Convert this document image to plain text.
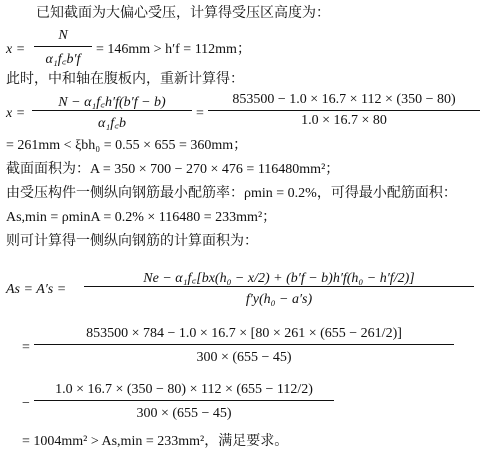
已知截面为大偏心受压，计算得受压区高度为：
x =
N
α₁f꜀b′f
= 146mm > h′f = 112mm；
此时，中和轴在腹板内，重新计算得：
x =
N − α₁f꜀h′f(b′f − b)
α₁f꜀b
=
853500 − 1.0 × 16.7 × 112 × (350 − 80)
1.0 × 16.7 × 80
= 261mm < ξbh₀ = 0.55 × 655 = 360mm；
截面面积为：A = 350 × 700 − 270 × 476 = 116480mm²；
由受压构件一侧纵向钢筋最小配筋率：ρmin = 0.2%，可得最小配筋面积：
As,min = ρminA = 0.2% × 116480 = 233mm²；
则可计算得一侧纵向钢筋的计算面积为：
As = A′s =
Ne − α₁f꜀[bx(h₀ − x/2) + (b′f − b)h′f(h₀ − h′f/2)]
f′y(h₀ − a′s)
=
853500 × 784 − 1.0 × 16.7 × [80 × 261 × (655 − 261/2)]
300 × (655 − 45)
−
1.0 × 16.7 × (350 − 80) × 112 × (655 − 112/2)
300 × (655 − 45)
= 1004mm² > As,min = 233mm²，满足要求。
